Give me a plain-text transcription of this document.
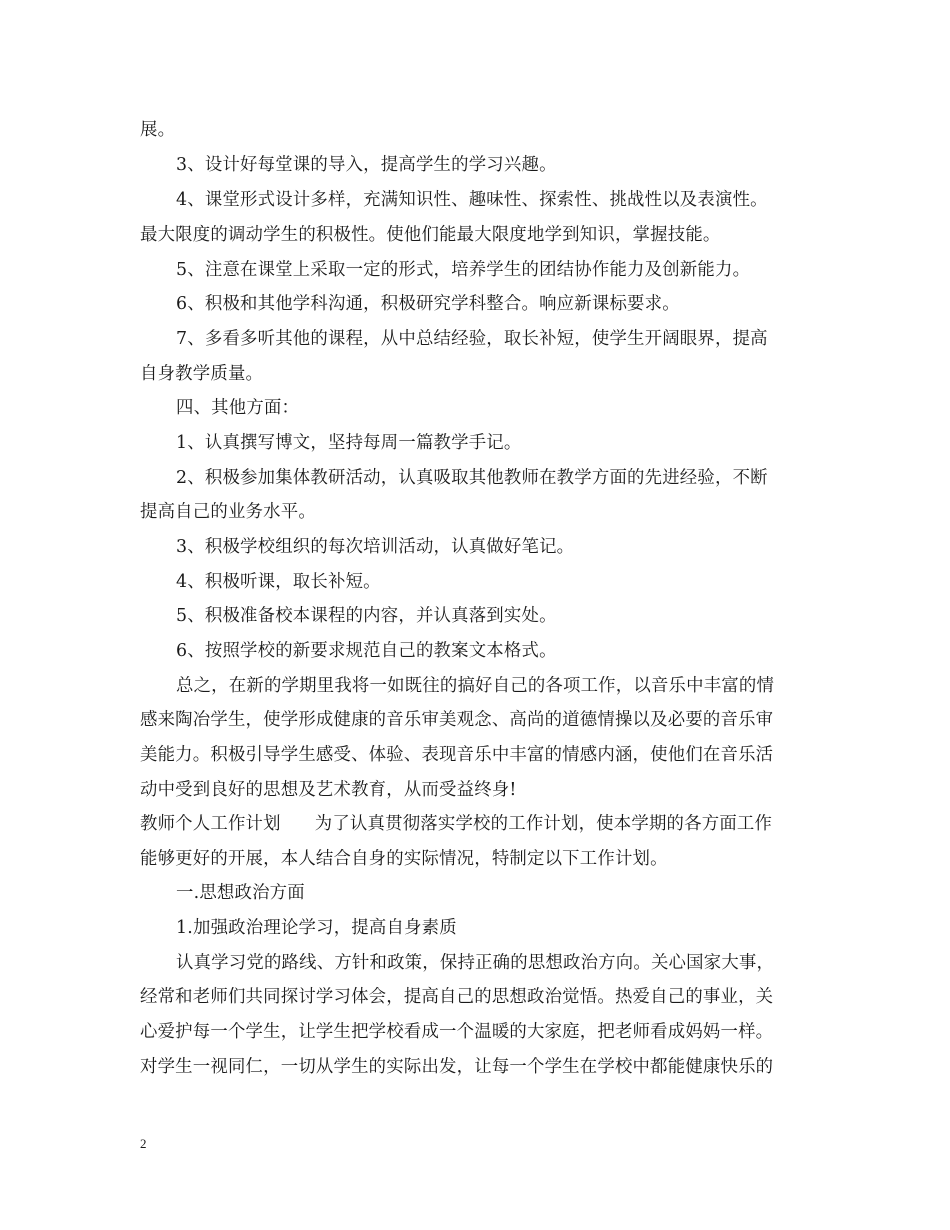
展。
3、设计好每堂课的导入，提高学生的学习兴趣。
4、课堂形式设计多样，充满知识性、趣味性、探索性、挑战性以及表演性。
最大限度的调动学生的积极性。使他们能最大限度地学到知识，掌握技能。
5、注意在课堂上采取一定的形式，培养学生的团结协作能力及创新能力。
6、积极和其他学科沟通，积极研究学科整合。响应新课标要求。
7、多看多听其他的课程，从中总结经验，取长补短，使学生开阔眼界，提高
自身教学质量。
四、其他方面：
1、认真撰写博文，坚持每周一篇教学手记。
2、积极参加集体教研活动，认真吸取其他教师在教学方面的先进经验，不断
提高自己的业务水平。
3、积极学校组织的每次培训活动，认真做好笔记。
4、积极听课，取长补短。
5、积极准备校本课程的内容，并认真落到实处。
6、按照学校的新要求规范自己的教案文本格式。
总之，在新的学期里我将一如既往的搞好自己的各项工作，以音乐中丰富的情
感来陶冶学生，使学形成健康的音乐审美观念、高尚的道德情操以及必要的音乐审
美能力。积极引导学生感受、体验、表现音乐中丰富的情感内涵，使他们在音乐活
动中受到良好的思想及艺术教育，从而受益终身!
教师个人工作计划 为了认真贯彻落实学校的工作计划，使本学期的各方面工作
能够更好的开展，本人结合自身的实际情况，特制定以下工作计划。
一.思想政治方面
1.加强政治理论学习，提高自身素质
认真学习党的路线、方针和政策，保持正确的思想政治方向。关心国家大事，
经常和老师们共同探讨学习体会，提高自己的思想政治觉悟。热爱自己的事业，关
心爱护每一个学生，让学生把学校看成一个温暖的大家庭，把老师看成妈妈一样。
对学生一视同仁，一切从学生的实际出发，让每一个学生在学校中都能健康快乐的
2
